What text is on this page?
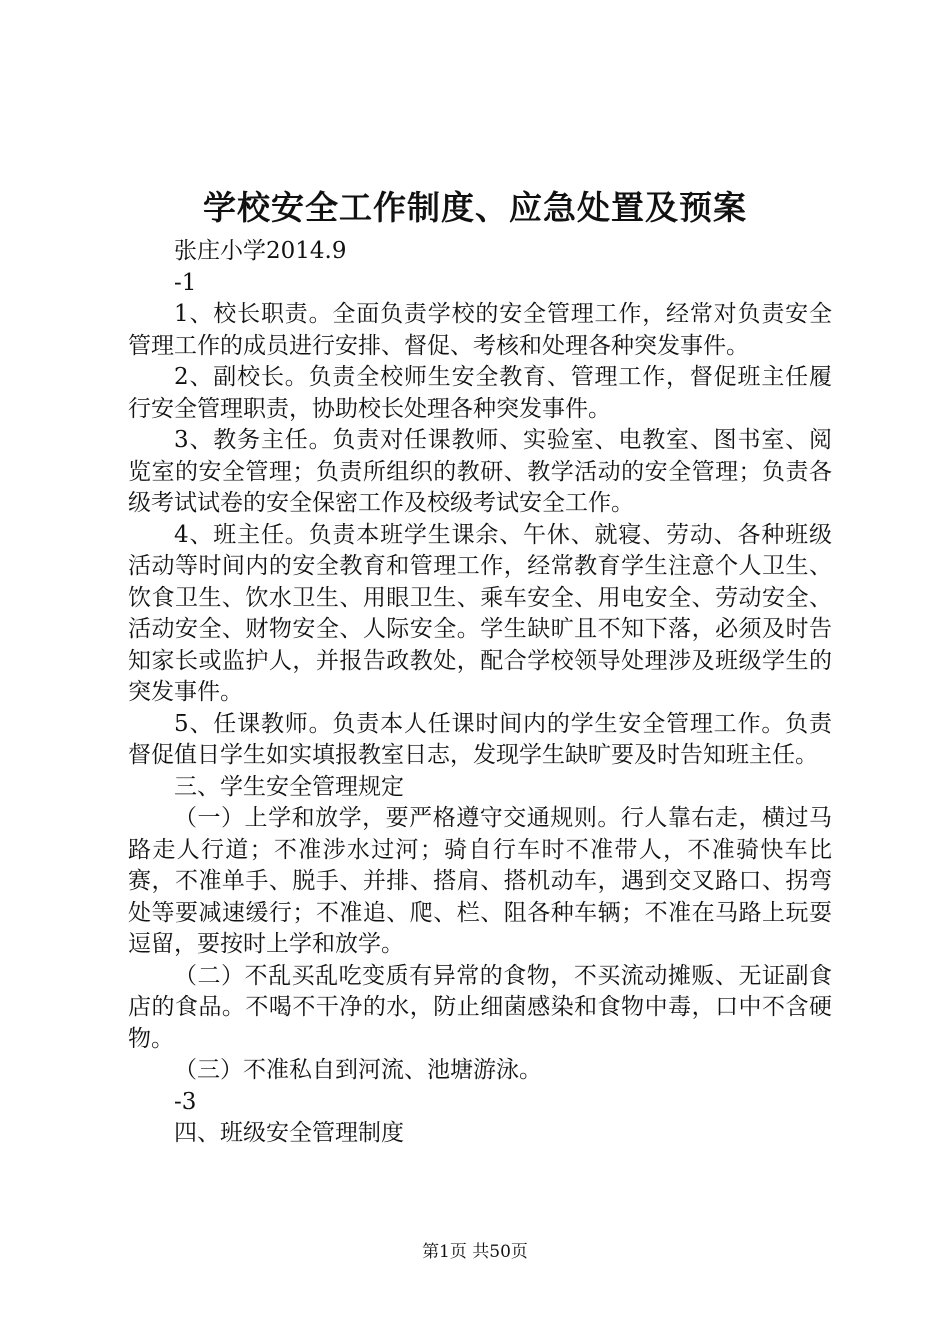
学校安全工作制度、应急处置及预案

张庄小学2014.9

-1

1、校长职责。全面负责学校的安全管理工作，经常对负责安全管理工作的成员进行安排、督促、考核和处理各种突发事件。

2、副校长。负责全校师生安全教育、管理工作，督促班主任履行安全管理职责，协助校长处理各种突发事件。

3、教务主任。负责对任课教师、实验室、电教室、图书室、阅览室的安全管理；负责所组织的教研、教学活动的安全管理；负责各级考试试卷的安全保密工作及校级考试安全工作。

4、班主任。负责本班学生课余、午休、就寝、劳动、各种班级活动等时间内的安全教育和管理工作，经常教育学生注意个人卫生、饮食卫生、饮水卫生、用眼卫生、乘车安全、用电安全、劳动安全、活动安全、财物安全、人际安全。学生缺旷且不知下落，必须及时告知家长或监护人，并报告政教处，配合学校领导处理涉及班级学生的突发事件。

5、任课教师。负责本人任课时间内的学生安全管理工作。负责督促值日学生如实填报教室日志，发现学生缺旷要及时告知班主任。

三、学生安全管理规定

（一）上学和放学，要严格遵守交通规则。行人靠右走，横过马路走人行道；不准涉水过河；骑自行车时不准带人，不准骑快车比赛，不准单手、脱手、并排、搭肩、搭机动车，遇到交叉路口、拐弯处等要减速缓行；不准追、爬、栏、阻各种车辆；不准在马路上玩耍逗留，要按时上学和放学。

（二）不乱买乱吃变质有异常的食物，不买流动摊贩、无证副食店的食品。不喝不干净的水，防止细菌感染和食物中毒，口中不含硬物。

（三）不准私自到河流、池塘游泳。

-3

四、班级安全管理制度

第1页 共50页
